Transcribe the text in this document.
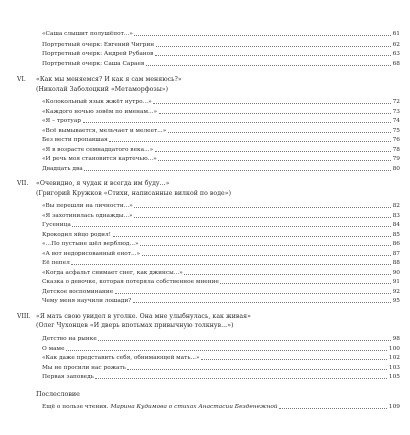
«Саша слышит полушёпот...»	61
Портретный очерк: Евгений Чигрин	62
Портретный очерк: Андрей Рубанов	63
Портретный очерк: Саша Сараев	68
VI. «Как мы меняемся? И как я сам меняюсь?»
(Николай Заболоцкий «Метаморфозы»)
«Колокольный язык жжёт нутро...»	72
«Каждого ночью зовём по именам...»	73
«Я – тротуар	74
«Всё вымывается, мельчает и мелеет...»	75
Без вести пропавшая	76
«Я в возрасте семнадцатого века...»	78
«И речь моя становится картечью...»	79
Двадцать два	80
VII. «Очевидно, я чудак и всегда им буду...»
(Григорий Кружков «Стихи, написанные вилкой по воде»)
«Вы перешли на личности...»	82
«Я захотинилась однажды...»	83
Гусеница	84
Крокодил яйцо родил!	85
«...По пустыне шёл верблюд...»	86
«А вот недорисованный енот...»	87
Её пепел	88
«Когда асфальт снимает снег, как джинсы...»	90
Сказка о девочке, которая потеряла собственное мнение	91
Детское воспоминание	92
Чему меня научили лошади?	95
VIII. «Я мать свою увидел в уголке. Она мне улыбнулась, как живая»
(Олег Чухонцев «И дверь впотьмах привычную толкнув...»)
Детство на рынке	98
О маме	100
«Как даже представить себя, обнимающей мать...»	102
Мы не просили нас рожать	103
Первая заповедь	105
Послесловие
Ещё о пользе чтения. Марина Кудимова о стихах Анастасии Безденежной	109
